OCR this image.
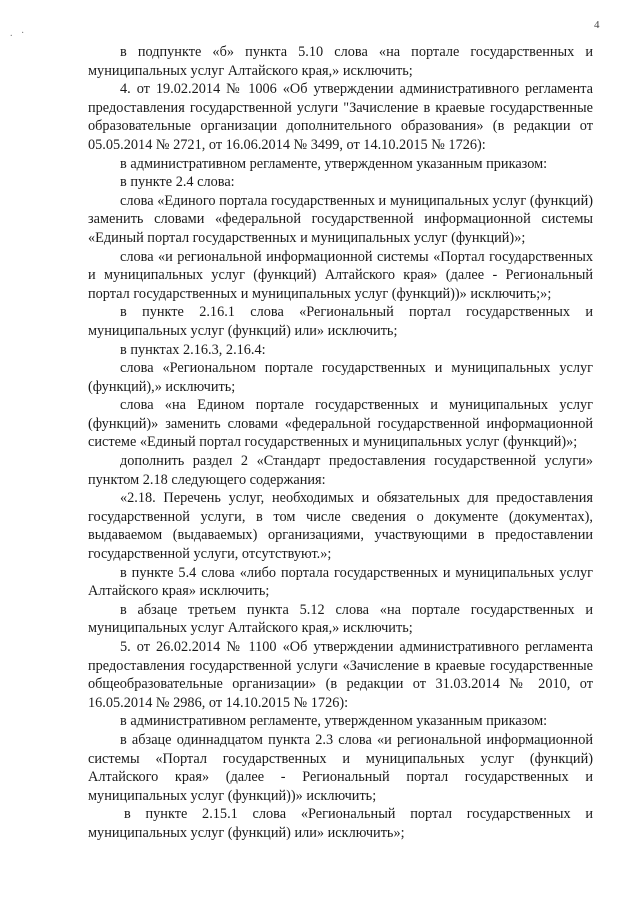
4
. ·

в подпункте «б» пункта 5.10 слова «на портале государственных и муниципальных услуг Алтайского края,» исключить;

4. от 19.02.2014 № 1006 «Об утверждении административного регламента предоставления государственной услуги "Зачисление в краевые государственные образовательные организации дополнительного образования» (в редакции от 05.05.2014 № 2721, от 16.06.2014 № 3499, от 14.10.2015 № 1726):

в административном регламенте, утвержденном указанным приказом:

в пункте 2.4 слова:

слова «Единого портала государственных и муниципальных услуг (функций) заменить словами «федеральной государственной информационной системы «Единый портал государственных и муниципальных услуг (функций)»;

слова «и региональной информационной системы «Портал государственных и муниципальных услуг (функций) Алтайского края» (далее - Региональный портал государственных и муниципальных услуг (функций))» исключить;»;

в пункте 2.16.1 слова «Региональный портал государственных и муниципальных услуг (функций) или» исключить;

в пунктах 2.16.3, 2.16.4:

слова «Региональном портале государственных и муниципальных услуг (функций),» исключить;

слова «на Едином портале государственных и муниципальных услуг (функций)» заменить словами «федеральной государственной информационной системе «Единый портал государственных и муниципальных услуг (функций)»;

дополнить раздел 2 «Стандарт предоставления государственной услуги» пунктом 2.18 следующего содержания:

«2.18. Перечень услуг, необходимых и обязательных для предоставления государственной услуги, в том числе сведения о документе (документах), выдаваемом (выдаваемых) организациями, участвующими в предоставлении государственной услуги, отсутствуют.»;

в пункте 5.4 слова «либо портала государственных и муниципальных услуг Алтайского края» исключить;

в абзаце третьем пункта 5.12 слова «на портале государственных и муниципальных услуг Алтайского края,» исключить;

5. от 26.02.2014 № 1100 «Об утверждении административного регламента предоставления государственной услуги «Зачисление в краевые государственные общеобразовательные организации» (в редакции от 31.03.2014 № 2010, от 16.05.2014 № 2986, от 14.10.2015 № 1726):

в административном регламенте, утвержденном указанным приказом:

в абзаце одиннадцатом пункта 2.3 слова «и региональной информационной системы «Портал государственных и муниципальных услуг (функций) Алтайского края» (далее - Региональный портал государственных и муниципальных услуг (функций))» исключить;

в пункте 2.15.1 слова «Региональный портал государственных и муниципальных услуг (функций) или» исключить»;
